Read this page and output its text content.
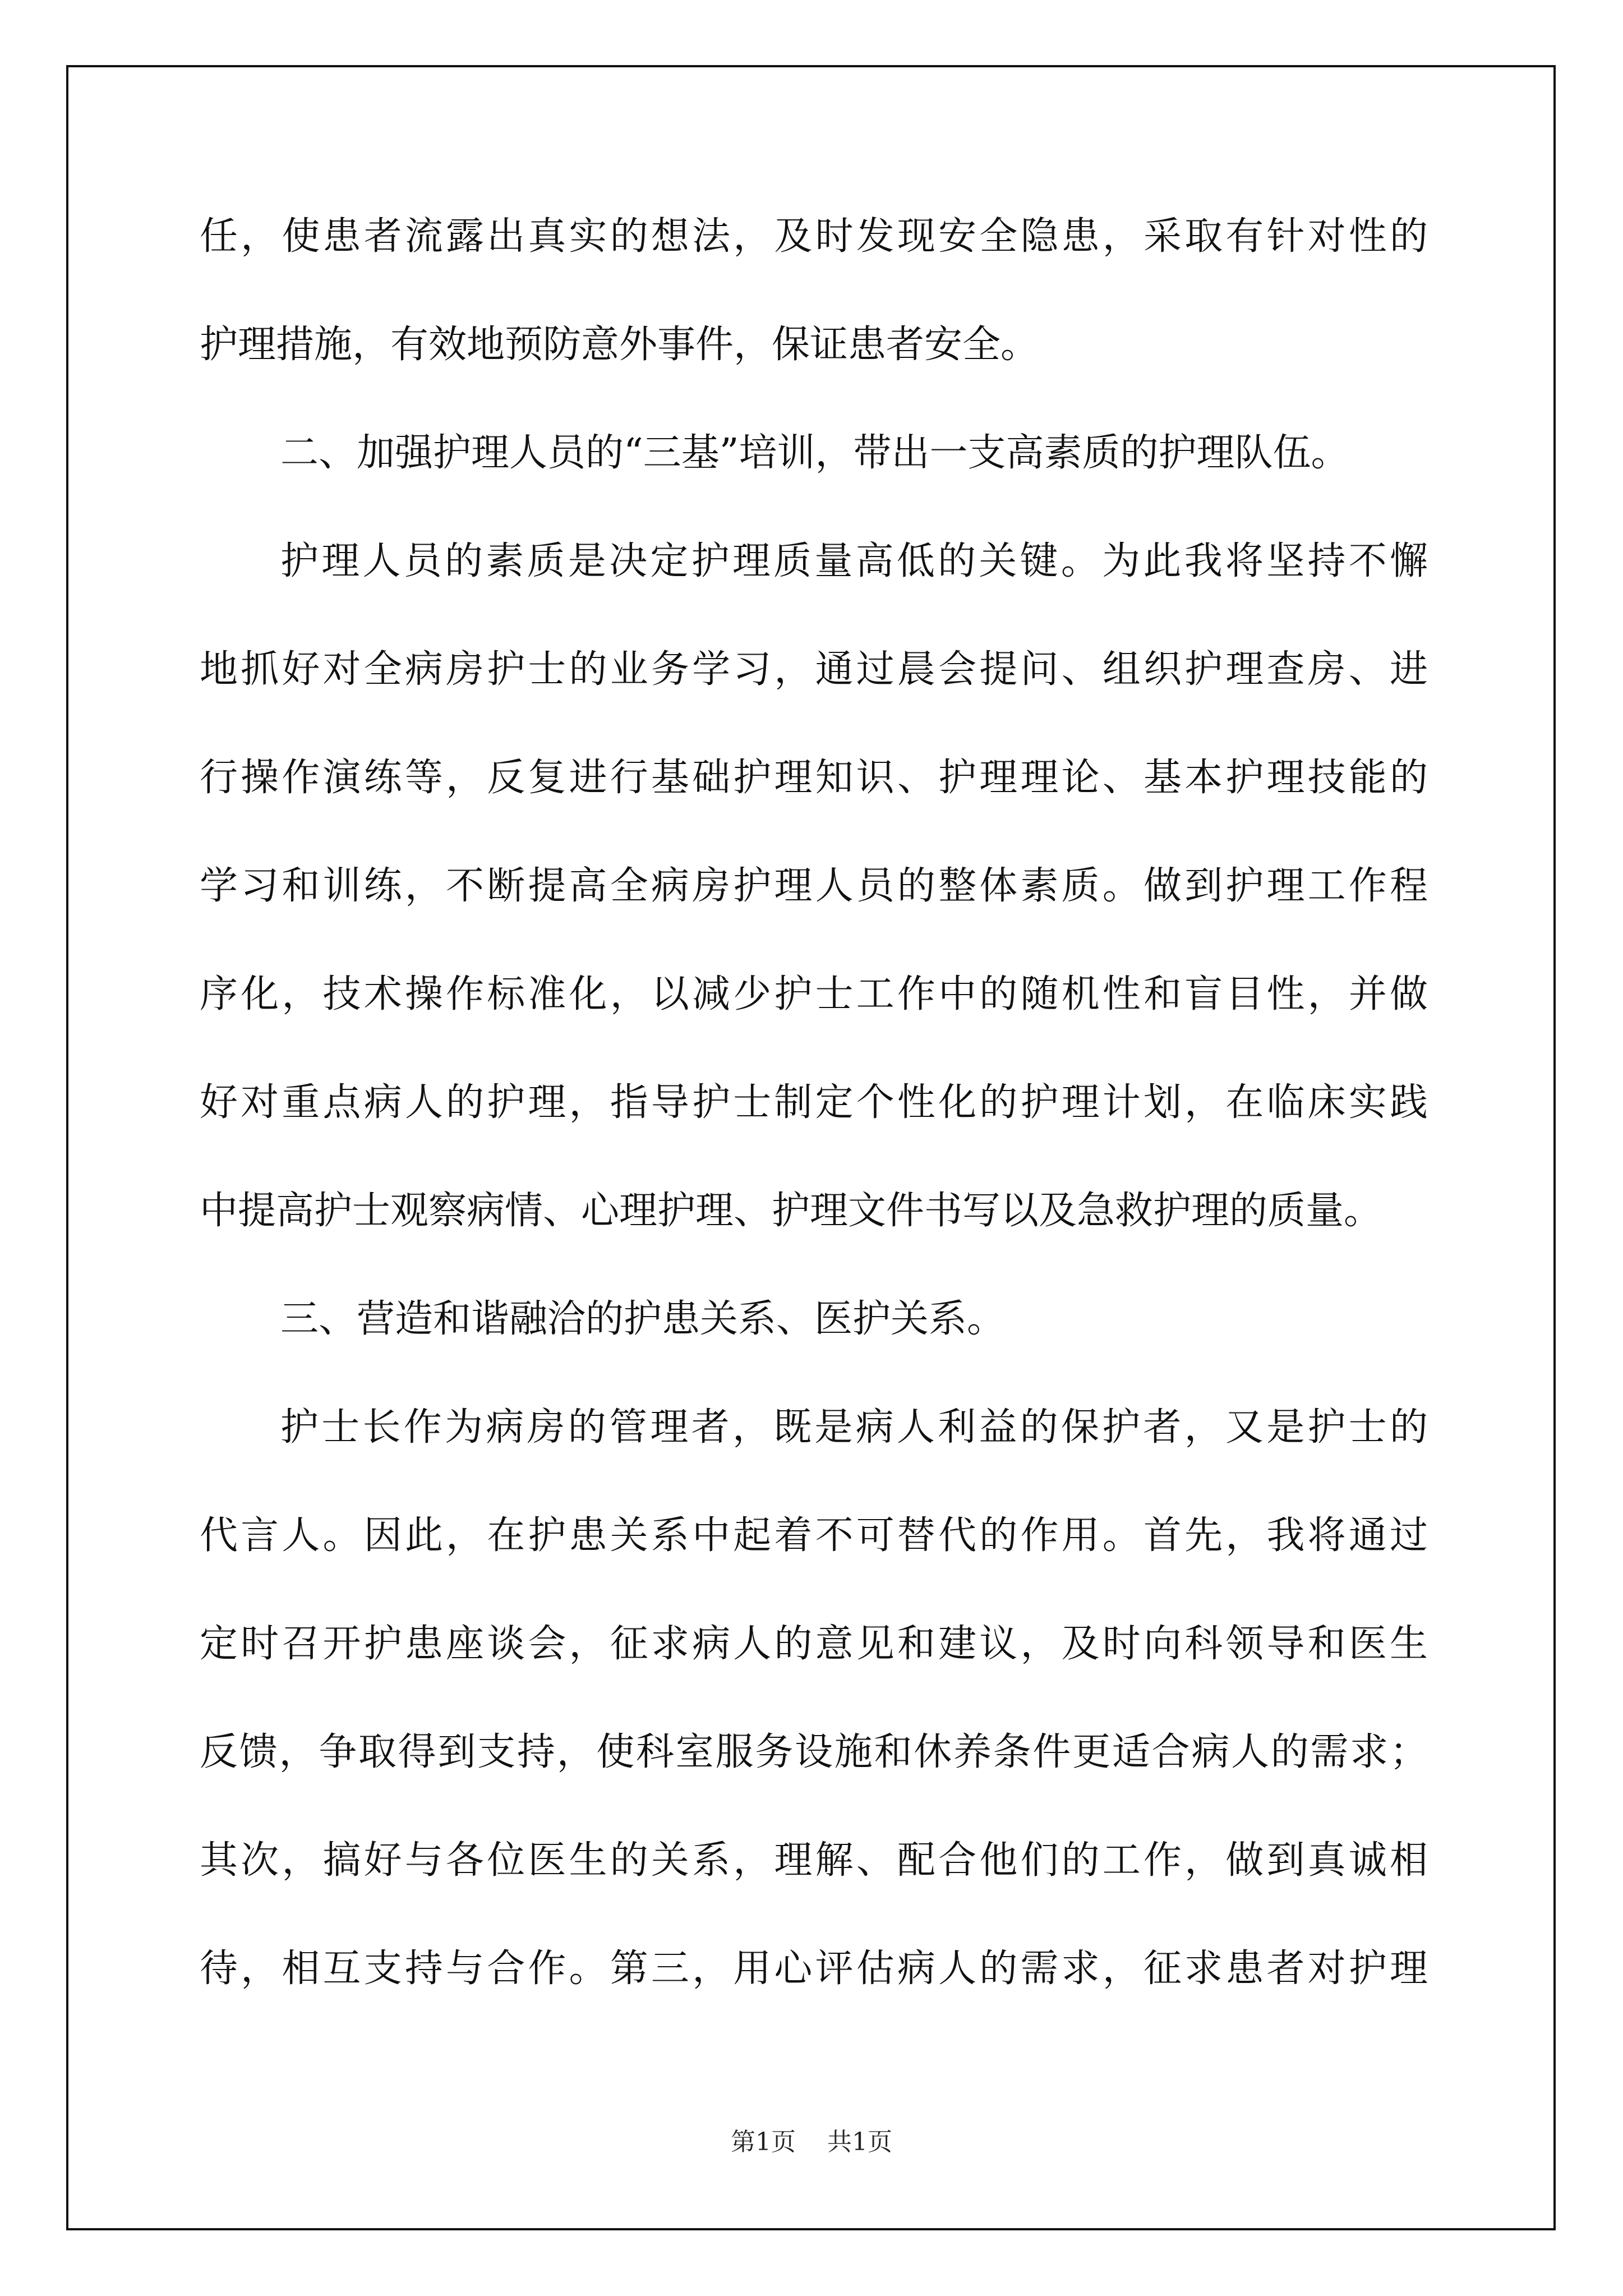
任，使患者流露出真实的想法，及时发现安全隐患，采取有针对性的
护理措施，有效地预防意外事件，保证患者安全。
二、加强护理人员的“三基”培训，带出一支高素质的护理队伍。
护理人员的素质是决定护理质量高低的关键。为此我将坚持不懈
地抓好对全病房护士的业务学习，通过晨会提问、组织护理查房、进
行操作演练等，反复进行基础护理知识、护理理论、基本护理技能的
学习和训练，不断提高全病房护理人员的整体素质。做到护理工作程
序化，技术操作标准化，以减少护士工作中的随机性和盲目性，并做
好对重点病人的护理，指导护士制定个性化的护理计划，在临床实践
中提高护士观察病情、心理护理、护理文件书写以及急救护理的质量。
三、营造和谐融洽的护患关系、医护关系。
护士长作为病房的管理者，既是病人利益的保护者，又是护士的
代言人。因此，在护患关系中起着不可替代的作用。首先，我将通过
定时召开护患座谈会，征求病人的意见和建议，及时向科领导和医生
反馈，争取得到支持，使科室服务设施和休养条件更适合病人的需求；
其次，搞好与各位医生的关系，理解、配合他们的工作，做到真诚相
待，相互支持与合作。第三，用心评估病人的需求，征求患者对护理
第1页 共1页
